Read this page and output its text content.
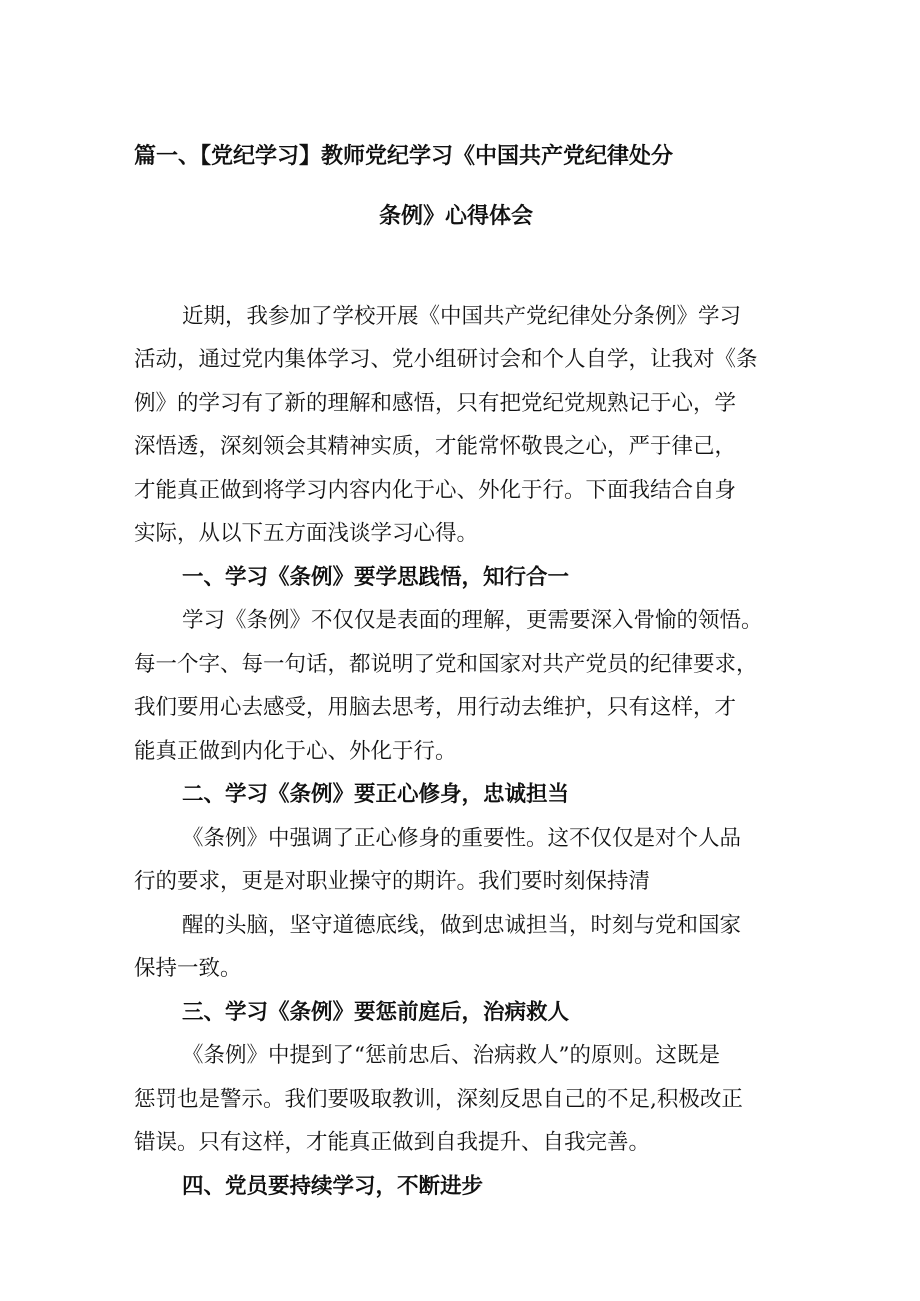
篇一、【党纪学习】教师党纪学习《中国共产党纪律处分

条例》心得体会

近期，我参加了学校开展《中国共产党纪律处分条例》学习

活动，通过党内集体学习、党小组研讨会和个人自学，让我对《条

例》的学习有了新的理解和感悟，只有把党纪党规熟记于心，学

深悟透，深刻领会其精神实质，才能常怀敬畏之心，严于律己，

才能真正做到将学习内容内化于心、外化于行。下面我结合自身

实际，从以下五方面浅谈学习心得。

一、学习《条例》要学思践悟，知行合一

学习《条例》不仅仅是表面的理解，更需要深入骨愉的领悟。

每一个字、每一句话，都说明了党和国家对共产党员的纪律要求，

我们要用心去感受，用脑去思考，用行动去维护，只有这样，才

能真正做到内化于心、外化于行。

二、学习《条例》要正心修身，忠诚担当

《条例》中强调了正心修身的重要性。这不仅仅是对个人品

行的要求，更是对职业操守的期许。我们要时刻保持清

醒的头脑，坚守道德底线，做到忠诚担当，时刻与党和国家

保持一致。

三、学习《条例》要惩前庭后，治病救人

《条例》中提到了“惩前忠后、治病救人”的原则。这既是

惩罚也是警示。我们要吸取教训，深刻反思自己的不足,积极改正

错误。只有这样，才能真正做到自我提升、自我完善。

四、党员要持续学习，不断进步
